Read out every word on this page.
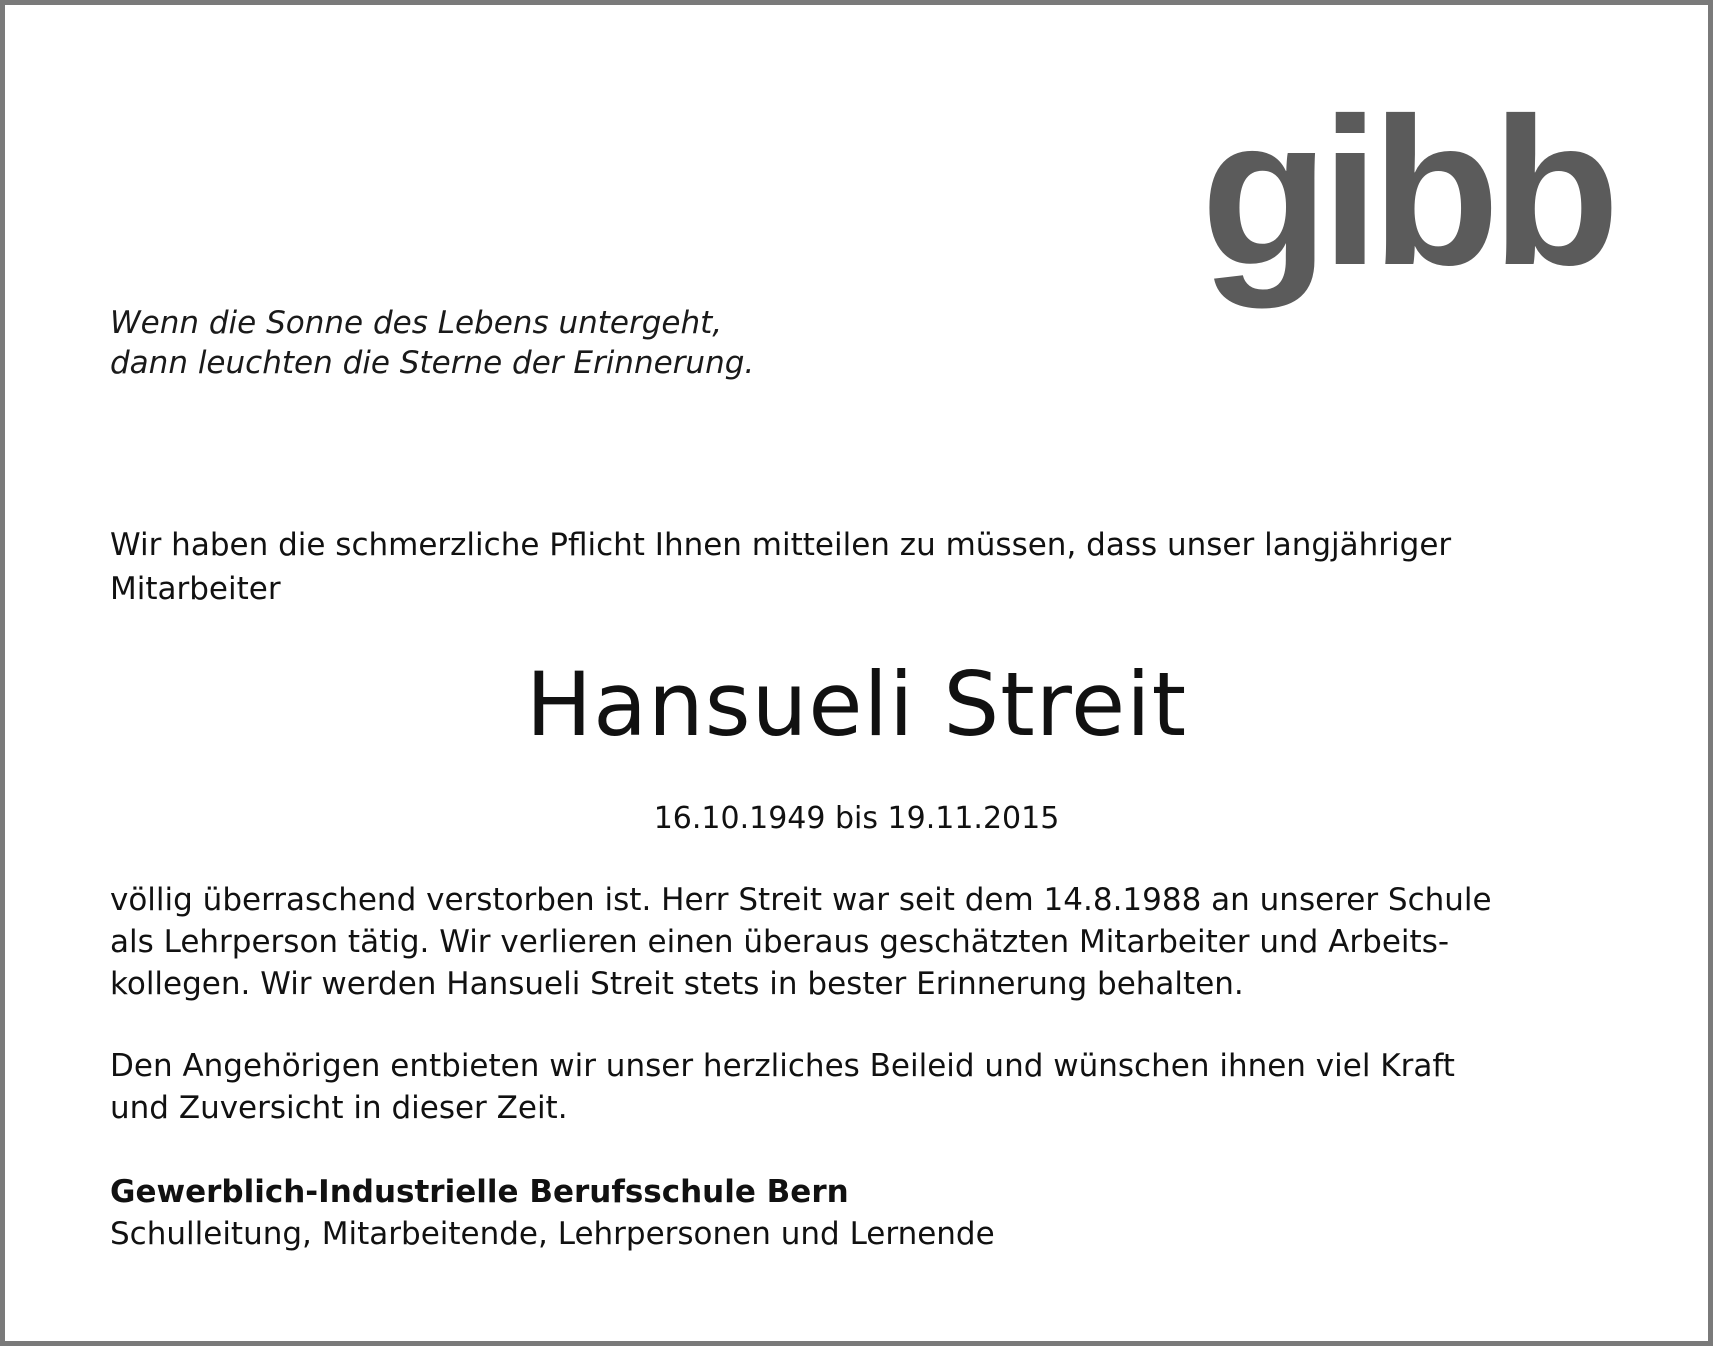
gibb
Wenn die Sonne des Lebens untergeht,
dann leuchten die Sterne der Erinnerung.
Wir haben die schmerzliche Pflicht Ihnen mitteilen zu müssen, dass unser langjähriger
Mitarbeiter
Hansueli Streit
16.10.1949 bis 19.11.2015
völlig überraschend verstorben ist. Herr Streit war seit dem 14.8.1988 an unserer Schule
als Lehrperson tätig. Wir verlieren einen überaus geschätzten Mitarbeiter und Arbeits-
kollegen. Wir werden Hansueli Streit stets in bester Erinnerung behalten.
Den Angehörigen entbieten wir unser herzliches Beileid und wünschen ihnen viel Kraft
und Zuversicht in dieser Zeit.
Gewerblich-Industrielle Berufsschule Bern
Schulleitung, Mitarbeitende, Lehrpersonen und Lernende
